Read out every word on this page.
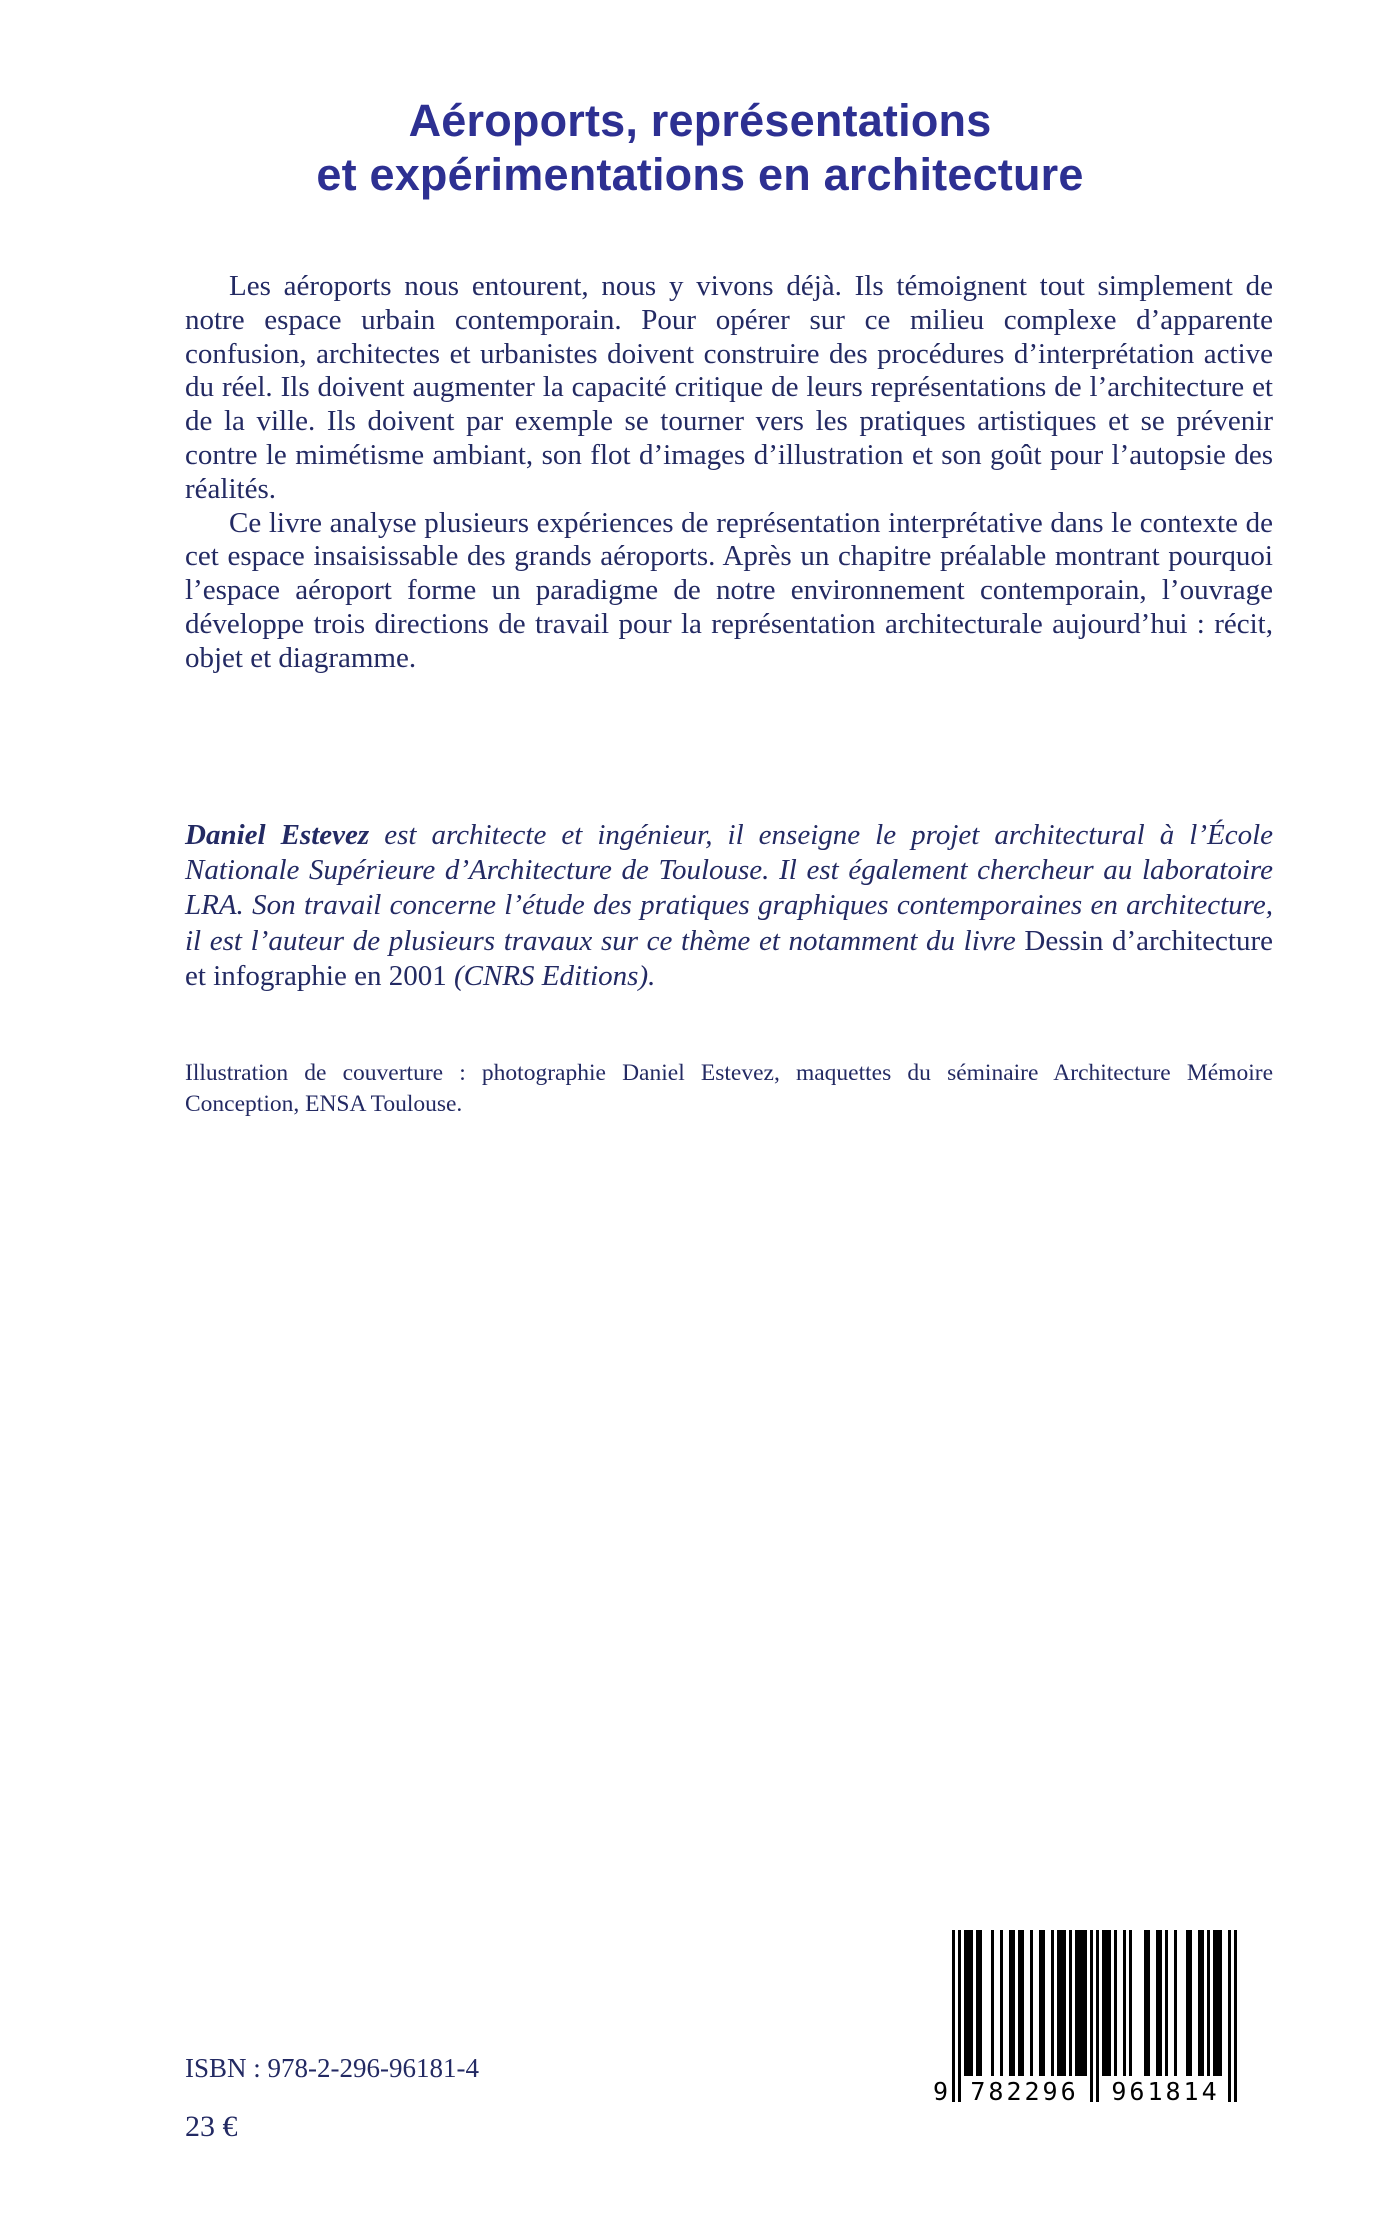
Aéroports, représentations
et expérimentations en architecture

Les aéroports nous entourent, nous y vivons déjà. Ils témoignent tout simplement de notre espace urbain contemporain. Pour opérer sur ce milieu complexe d’apparente confusion, architectes et urbanistes doivent construire des procédures d’interprétation active du réel. Ils doivent augmenter la capacité critique de leurs représentations de l’architecture et de la ville. Ils doivent par exemple se tourner vers les pratiques artistiques et se prévenir contre le mimétisme ambiant, son flot d’images d’illustration et son goût pour l’autopsie des réalités.

Ce livre analyse plusieurs expériences de représentation interprétative dans le contexte de cet espace insaisissable des grands aéroports. Après un chapitre préalable montrant pourquoi l’espace aéroport forme un paradigme de notre environnement contemporain, l’ouvrage développe trois directions de travail pour la représentation architecturale aujourd’hui : récit, objet et diagramme.

Daniel Estevez est architecte et ingénieur, il enseigne le projet architectural à l’École Nationale Supérieure d’Architecture de Toulouse. Il est également chercheur au laboratoire LRA. Son travail concerne l’étude des pratiques graphiques contemporaines en architecture, il est l’auteur de plusieurs travaux sur ce thème et notamment du livre Dessin d’architecture et infographie en 2001 (CNRS Editions).

Illustration de couverture : photographie Daniel Estevez, maquettes du séminaire Architecture Mémoire Conception, ENSA Toulouse.

ISBN : 978-2-296-96181-4

23 €

9 782296 961814
